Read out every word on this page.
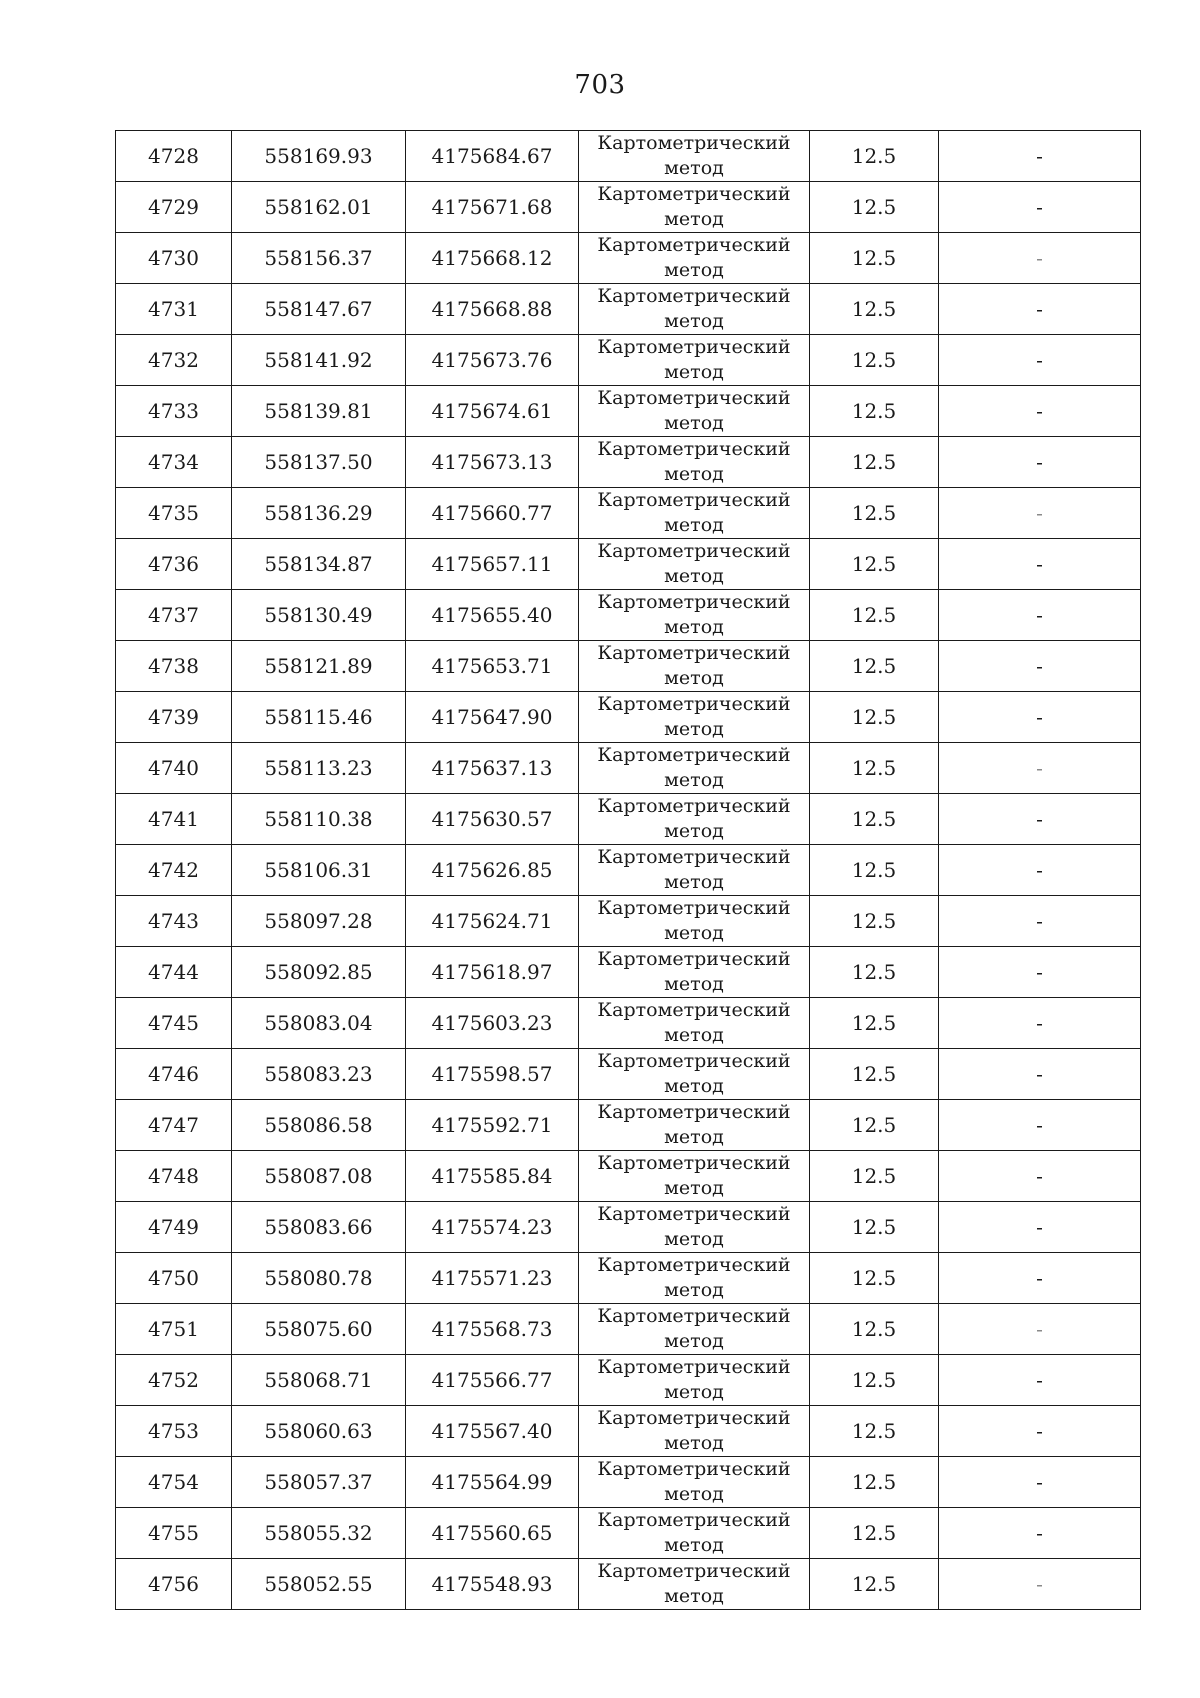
703
4728	558169.93	4175684.67	Картометрический
метод	12.5	-
4729	558162.01	4175671.68	Картометрический
метод	12.5	-
4730	558156.37	4175668.12	Картометрический
метод	12.5	-
4731	558147.67	4175668.88	Картометрический
метод	12.5	-
4732	558141.92	4175673.76	Картометрический
метод	12.5	-
4733	558139.81	4175674.61	Картометрический
метод	12.5	-
4734	558137.50	4175673.13	Картометрический
метод	12.5	-
4735	558136.29	4175660.77	Картометрический
метод	12.5	-
4736	558134.87	4175657.11	Картометрический
метод	12.5	-
4737	558130.49	4175655.40	Картометрический
метод	12.5	-
4738	558121.89	4175653.71	Картометрический
метод	12.5	-
4739	558115.46	4175647.90	Картометрический
метод	12.5	-
4740	558113.23	4175637.13	Картометрический
метод	12.5	-
4741	558110.38	4175630.57	Картометрический
метод	12.5	-
4742	558106.31	4175626.85	Картометрический
метод	12.5	-
4743	558097.28	4175624.71	Картометрический
метод	12.5	-
4744	558092.85	4175618.97	Картометрический
метод	12.5	-
4745	558083.04	4175603.23	Картометрический
метод	12.5	-
4746	558083.23	4175598.57	Картометрический
метод	12.5	-
4747	558086.58	4175592.71	Картометрический
метод	12.5	-
4748	558087.08	4175585.84	Картометрический
метод	12.5	-
4749	558083.66	4175574.23	Картометрический
метод	12.5	-
4750	558080.78	4175571.23	Картометрический
метод	12.5	-
4751	558075.60	4175568.73	Картометрический
метод	12.5	-
4752	558068.71	4175566.77	Картометрический
метод	12.5	-
4753	558060.63	4175567.40	Картометрический
метод	12.5	-
4754	558057.37	4175564.99	Картометрический
метод	12.5	-
4755	558055.32	4175560.65	Картометрический
метод	12.5	-
4756	558052.55	4175548.93	Картометрический
метод	12.5	-
